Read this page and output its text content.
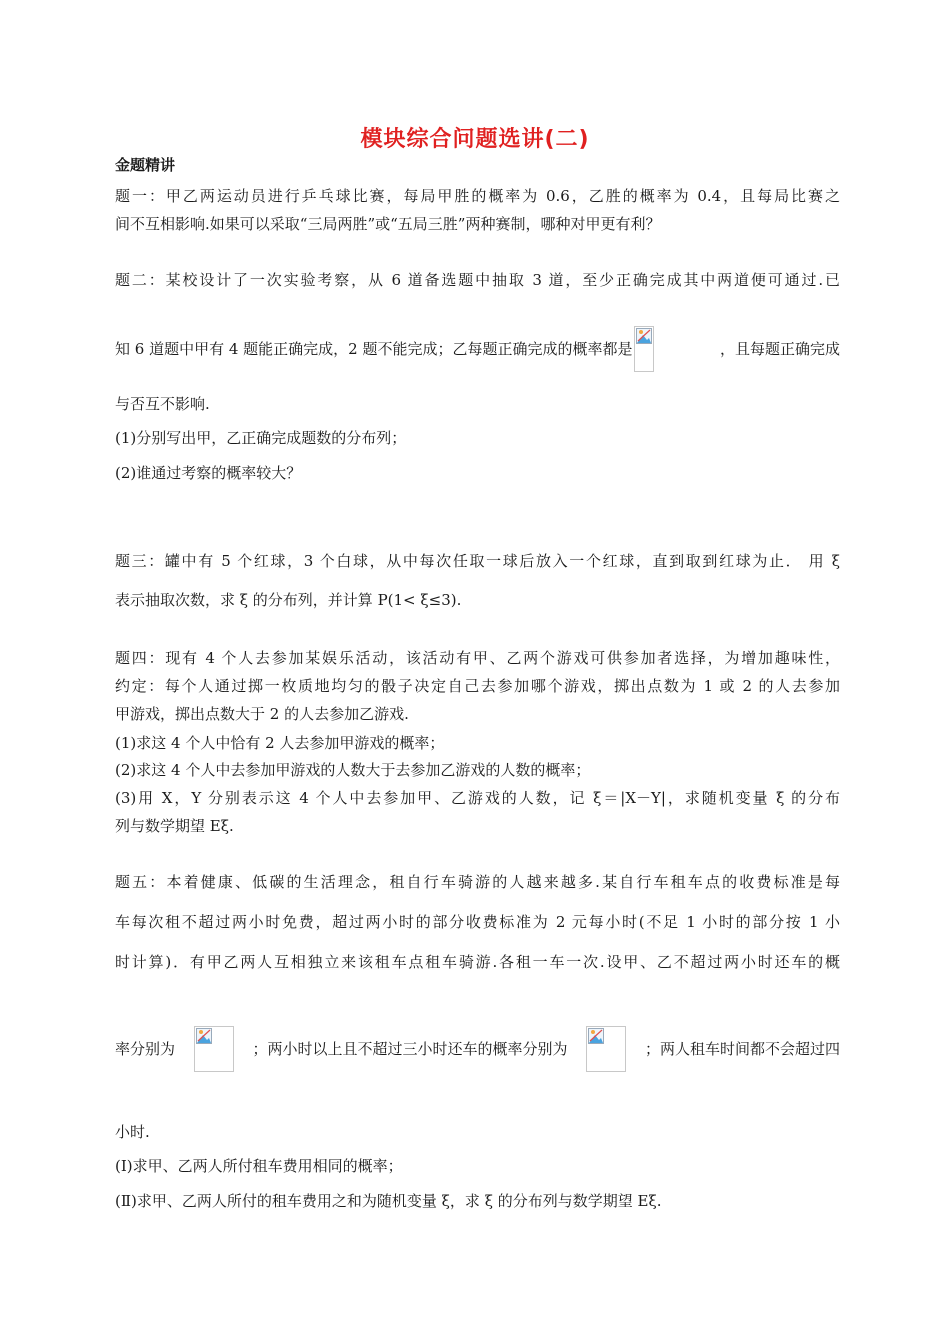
模块综合问题选讲(二)
金题精讲
题一：甲乙两运动员进行乒乓球比赛，每局甲胜的概率为 0.6，乙胜的概率为 0.4，且每局比赛之
间不互相影响.如果可以采取“三局两胜”或“五局三胜”两种赛制，哪种对甲更有利？
题二：某校设计了一次实验考察，从 6 道备选题中抽取 3 道，至少正确完成其中两道便可通过.已
知 6 道题中甲有 4 题能正确完成，2 题不能完成；乙每题正确完成的概率都是	，且每题正确完成
与否互不影响.
(1)分别写出甲，乙正确完成题数的分布列；
(2)谁通过考察的概率较大？
题三：罐中有 5 个红球，3 个白球，从中每次任取一球后放入一个红球，直到取到红球为止． 用 ξ
表示抽取次数，求 ξ 的分布列，并计算 P(1< ξ≤3).
题四：现有 4 个人去参加某娱乐活动，该活动有甲、乙两个游戏可供参加者选择，为增加趣味性，
约定：每个人通过掷一枚质地均匀的骰子决定自己去参加哪个游戏，掷出点数为 1 或 2 的人去参加
甲游戏，掷出点数大于 2 的人去参加乙游戏.
(1)求这 4 个人中恰有 2 人去参加甲游戏的概率；
(2)求这 4 个人中去参加甲游戏的人数大于去参加乙游戏的人数的概率；
(3)用 X，Y 分别表示这 4 个人中去参加甲、乙游戏的人数，记 ξ＝|X－Y|，求随机变量 ξ 的分布
列与数学期望 Eξ.
题五：本着健康、低碳的生活理念，租自行车骑游的人越来越多.某自行车租车点的收费标准是每
车每次租不超过两小时免费，超过两小时的部分收费标准为 2 元每小时(不足 1 小时的部分按 1 小
时计算)．有甲乙两人互相独立来该租车点租车骑游.各租一车一次.设甲、乙不超过两小时还车的概
率分别为	；两小时以上且不超过三小时还车的概率分别为	；两人租车时间都不会超过四
小时.
(Ⅰ)求甲、乙两人所付租车费用相同的概率；
(Ⅱ)求甲、乙两人所付的租车费用之和为随机变量 ξ，求 ξ 的分布列与数学期望 Eξ.
